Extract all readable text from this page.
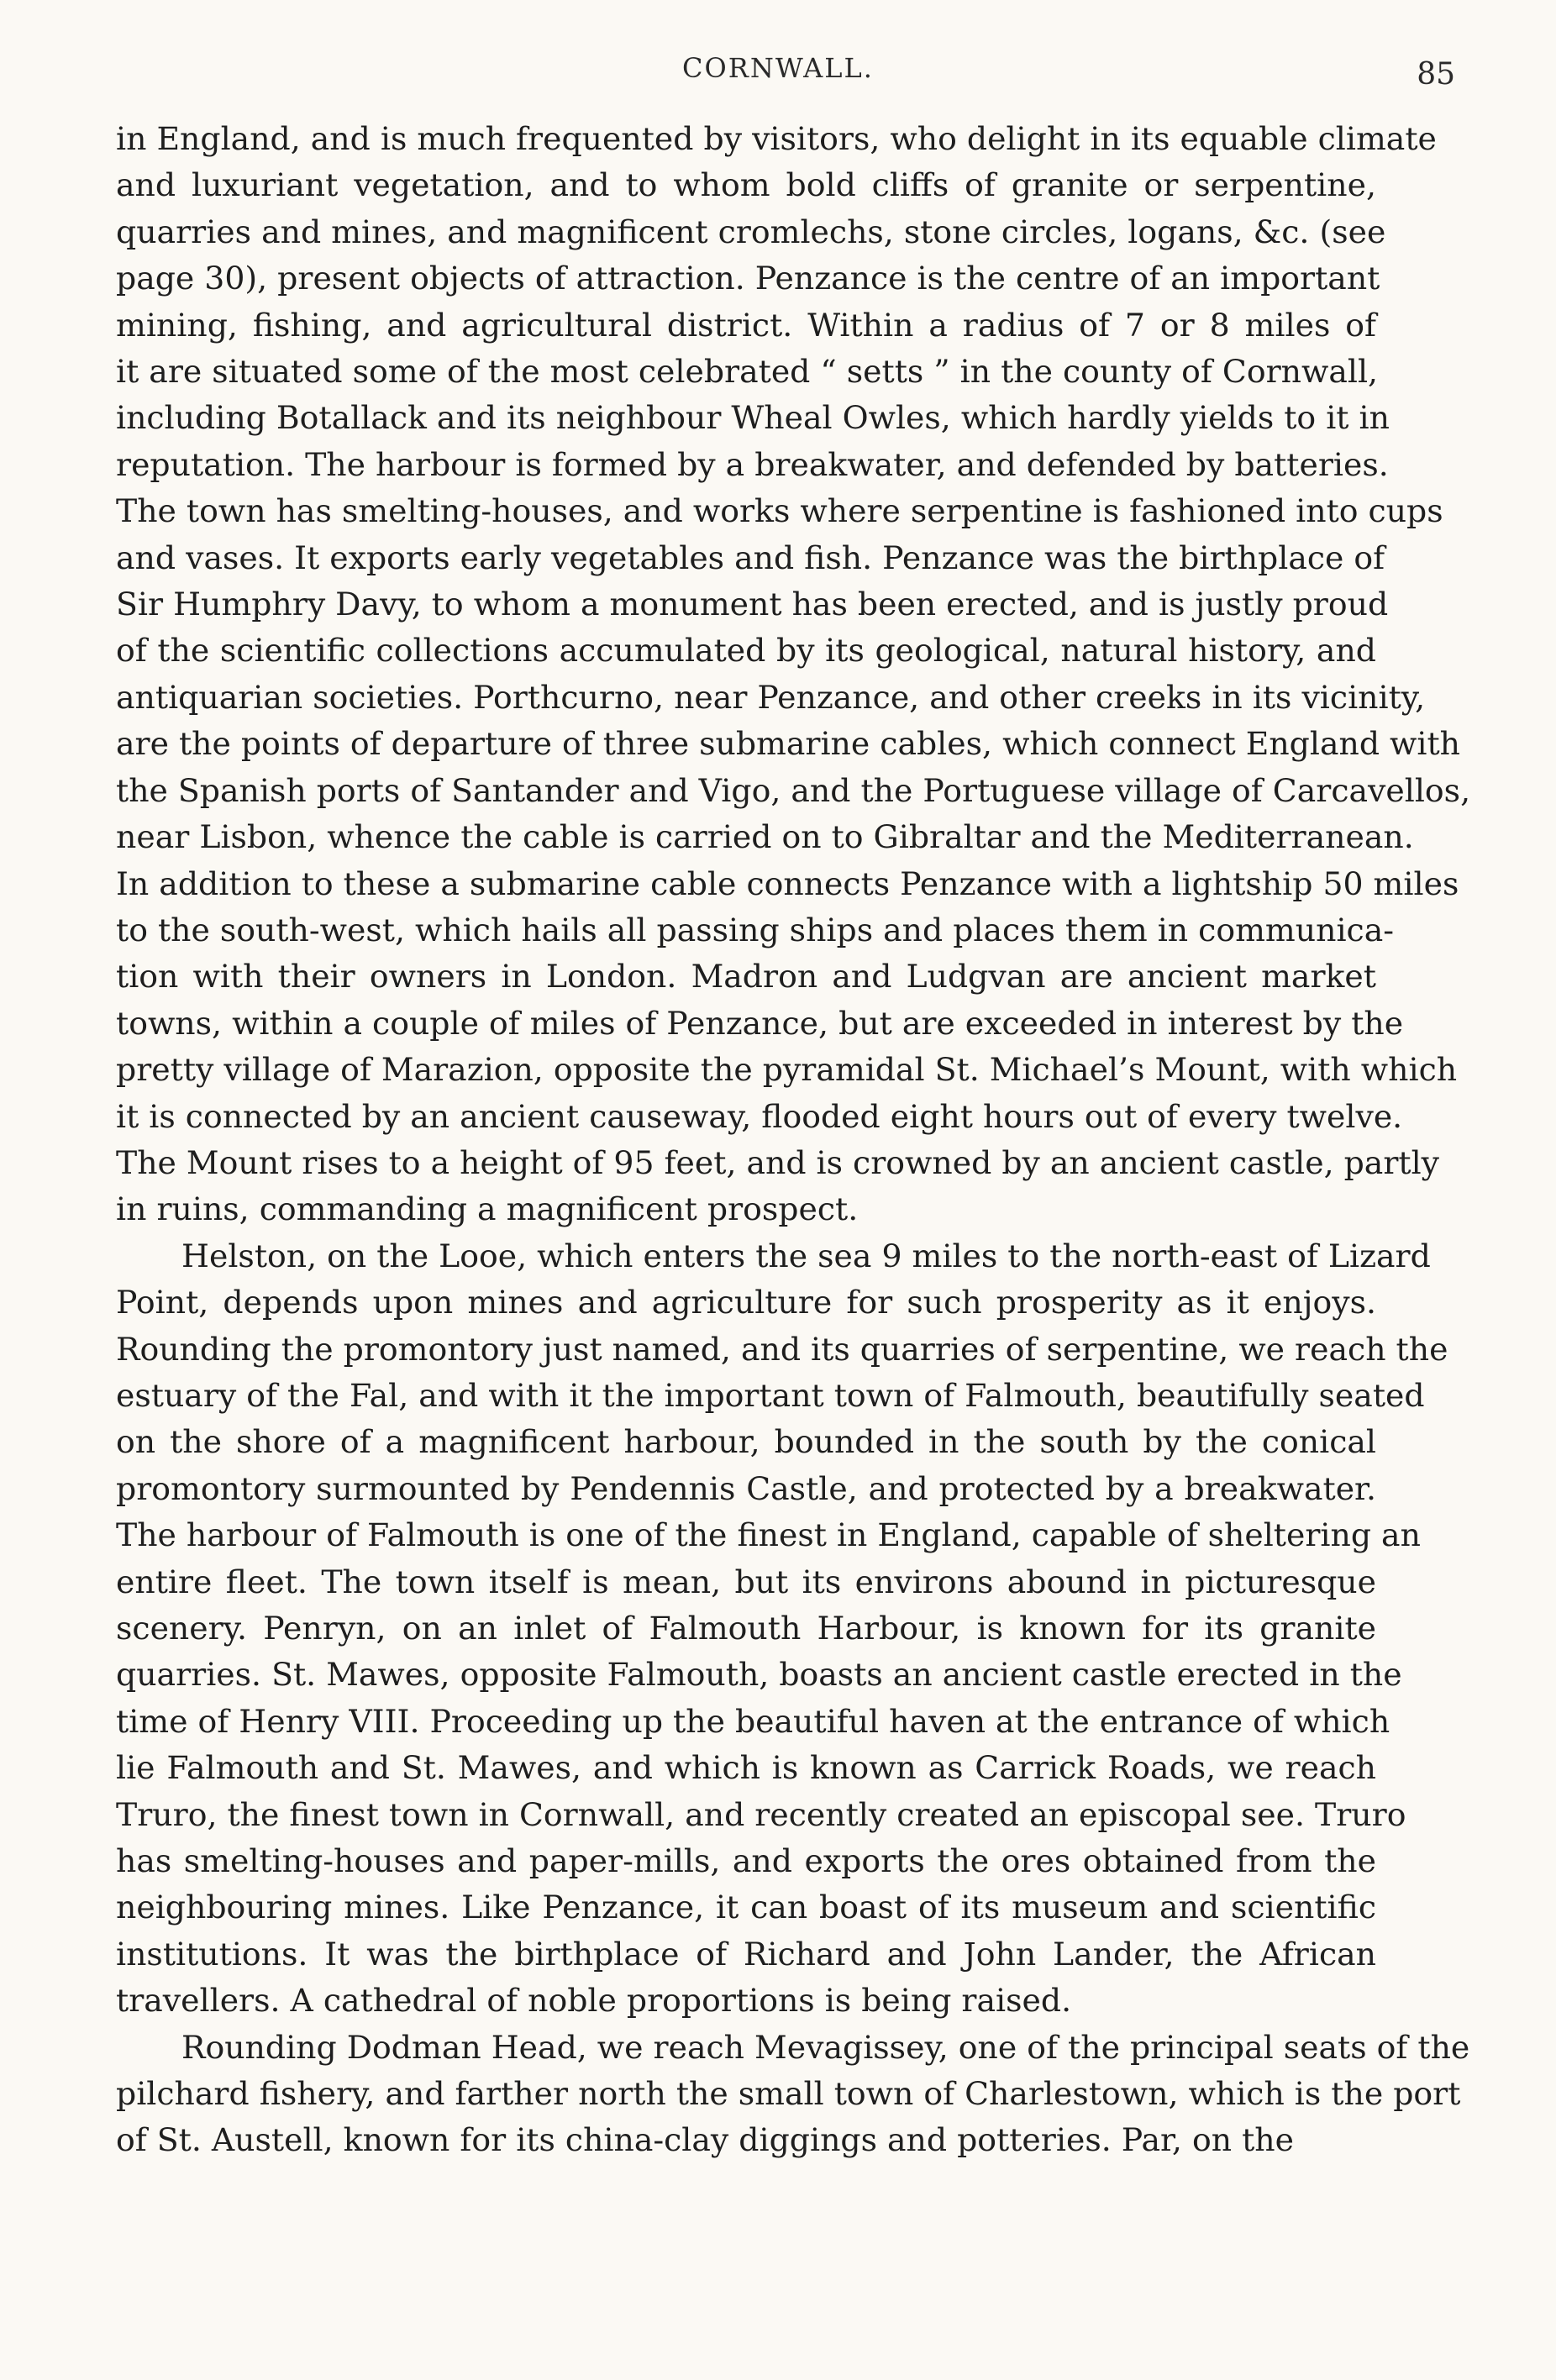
CORNWALL.	85
in England, and is much frequented by visitors, who delight in its equable climate
and luxuriant vegetation, and to whom bold cliffs of granite or serpentine,
quarries and mines, and magnificent cromlechs, stone circles, logans, &c. (see
page 30), present objects of attraction. Penzance is the centre of an important
mining, fishing, and agricultural district. Within a radius of 7 or 8 miles of
it are situated some of the most celebrated “ setts ” in the county of Cornwall,
including Botallack and its neighbour Wheal Owles, which hardly yields to it in
reputation. The harbour is formed by a breakwater, and defended by batteries.
The town has smelting-houses, and works where serpentine is fashioned into cups
and vases. It exports early vegetables and fish. Penzance was the birthplace of
Sir Humphry Davy, to whom a monument has been erected, and is justly proud
of the scientific collections accumulated by its geological, natural history, and
antiquarian societies. Porthcurno, near Penzance, and other creeks in its vicinity,
are the points of departure of three submarine cables, which connect England with
the Spanish ports of Santander and Vigo, and the Portuguese village of Carcavellos,
near Lisbon, whence the cable is carried on to Gibraltar and the Mediterranean.
In addition to these a submarine cable connects Penzance with a lightship 50 miles
to the south-west, which hails all passing ships and places them in communica-
tion with their owners in London. Madron and Ludgvan are ancient market
towns, within a couple of miles of Penzance, but are exceeded in interest by the
pretty village of Marazion, opposite the pyramidal St. Michael’s Mount, with which
it is connected by an ancient causeway, flooded eight hours out of every twelve.
The Mount rises to a height of 95 feet, and is crowned by an ancient castle, partly
in ruins, commanding a magnificent prospect.
Helston, on the Looe, which enters the sea 9 miles to the north-east of Lizard
Point, depends upon mines and agriculture for such prosperity as it enjoys.
Rounding the promontory just named, and its quarries of serpentine, we reach the
estuary of the Fal, and with it the important town of Falmouth, beautifully seated
on the shore of a magnificent harbour, bounded in the south by the conical
promontory surmounted by Pendennis Castle, and protected by a breakwater.
The harbour of Falmouth is one of the finest in England, capable of sheltering an
entire fleet. The town itself is mean, but its environs abound in picturesque
scenery. Penryn, on an inlet of Falmouth Harbour, is known for its granite
quarries. St. Mawes, opposite Falmouth, boasts an ancient castle erected in the
time of Henry VIII. Proceeding up the beautiful haven at the entrance of which
lie Falmouth and St. Mawes, and which is known as Carrick Roads, we reach
Truro, the finest town in Cornwall, and recently created an episcopal see. Truro
has smelting-houses and paper-mills, and exports the ores obtained from the
neighbouring mines. Like Penzance, it can boast of its museum and scientific
institutions. It was the birthplace of Richard and John Lander, the African
travellers. A cathedral of noble proportions is being raised.
Rounding Dodman Head, we reach Mevagissey, one of the principal seats of the
pilchard fishery, and farther north the small town of Charlestown, which is the port
of St. Austell, known for its china-clay diggings and potteries. Par, on the
